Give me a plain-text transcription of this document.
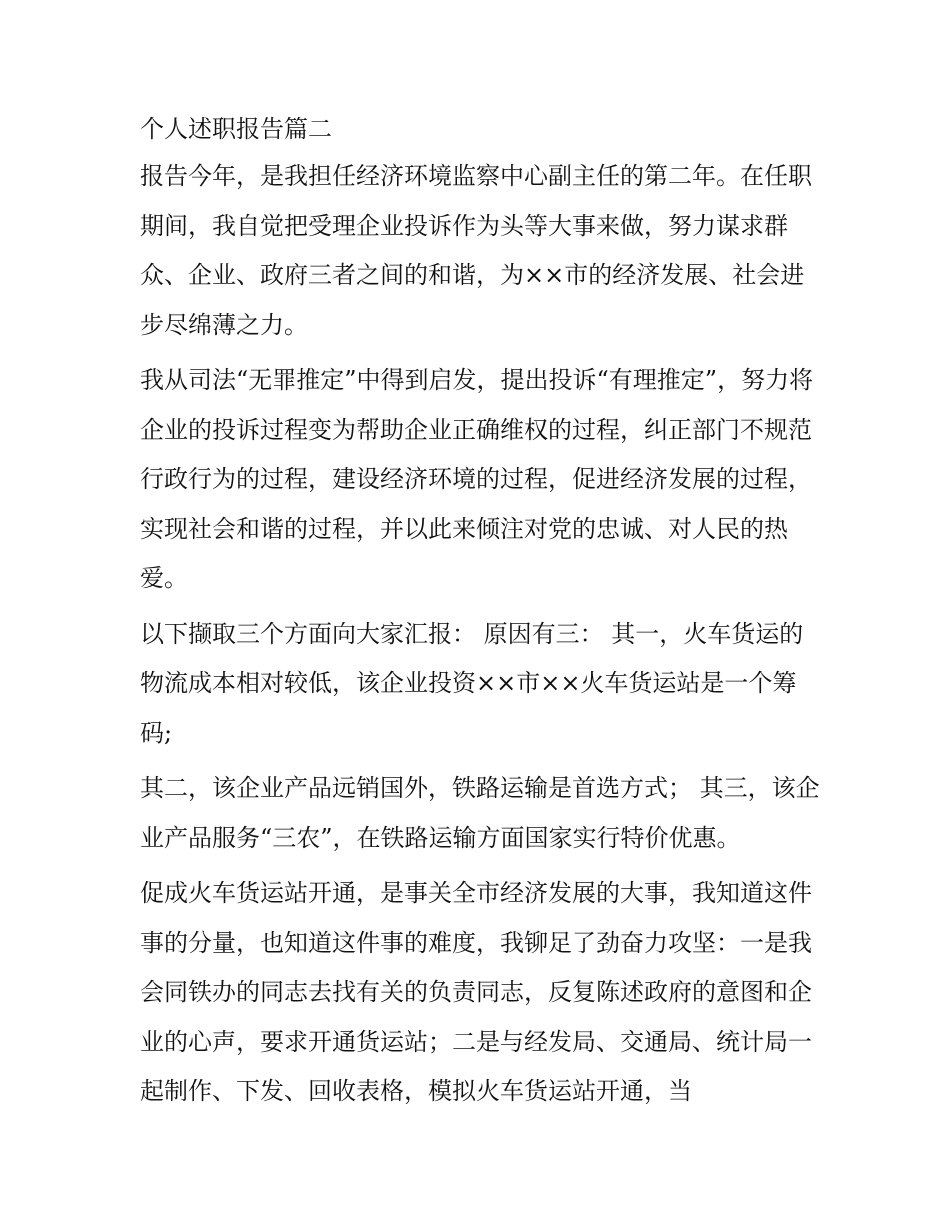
个人述职报告篇二
报告今年，是我担任经济环境监察中心副主任的第二年。在任职期间，我自觉把受理企业投诉作为头等大事来做，努力谋求群众、企业、政府三者之间的和谐，为××市的经济发展、社会进步尽绵薄之力。
我从司法“无罪推定”中得到启发，提出投诉“有理推定”，努力将企业的投诉过程变为帮助企业正确维权的过程，纠正部门不规范行政行为的过程，建设经济环境的过程，促进经济发展的过程，实现社会和谐的过程，并以此来倾注对党的忠诚、对人民的热爱。
以下撷取三个方面向大家汇报： 原因有三： 其一，火车货运的物流成本相对较低，该企业投资××市××火车货运站是一个筹码;
其二，该企业产品远销国外，铁路运输是首选方式； 其三，该企业产品服务“三农”，在铁路运输方面国家实行特价优惠。
促成火车货运站开通，是事关全市经济发展的大事，我知道这件事的分量，也知道这件事的难度，我铆足了劲奋力攻坚：一是我会同铁办的同志去找有关的负责同志，反复陈述政府的意图和企业的心声，要求开通货运站；二是与经发局、交通局、统计局一起制作、下发、回收表格，模拟火车货运站开通，当
